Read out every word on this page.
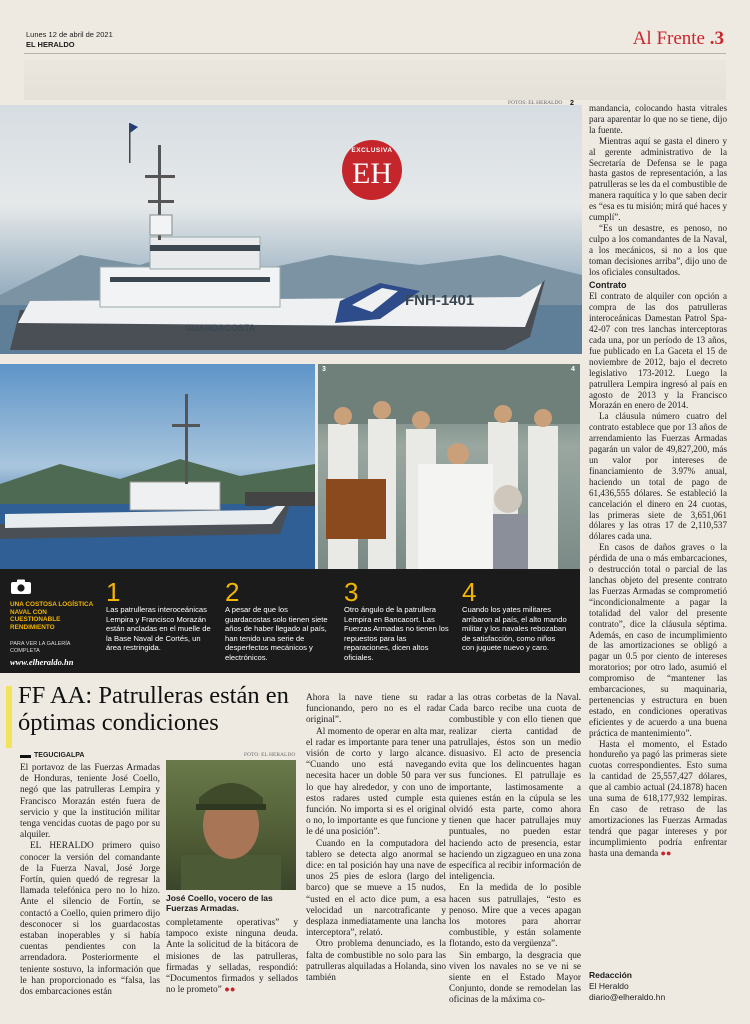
Lunes 12 de abril de 2021
EL HERALDO	Al Frente .3
FNH-1401
GUARDACOSTA
FOTOS: EL HERALDO 2
EXCLUSIVA
EH
3	4
UNA COSTOSA LOGÍSTICA NAVAL CON CUESTIONABLE RENDIMIENTO
PARA VER LA GALERÍA COMPLETA
www.elheraldo.hn
1
Las patrulleras interoceánicas Lempira y Francisco Morazán están ancladas en el muelle de la Base Naval de Cortés, un área restringida.
2
A pesar de que los guardacostas solo tienen siete años de haber llegado al país, han tenido una serie de desperfectos mecánicos y electrónicos.
3
Otro ángulo de la patrullera Lempira en Bancacort. Las Fuerzas Armadas no tienen los repuestos para las reparaciones, dicen altos oficiales.
4
Cuando los yates militares arribaron al país, el alto mando militar y los navales rebozaban de satisfacción, como niños con juguete nuevo y caro.
FF AA: Patrulleras están en óptimas condiciones
TEGUCIGALPA

El portavoz de las Fuerzas Armadas de Honduras, teniente José Coello, negó que las patrulleras Lempira y Francisco Morazán estén fuera de servicio y que la institución militar tenga vencidas cuotas de pago por su alquiler.

EL HERALDO primero quiso conocer la versión del comandante de la Fuerza Naval, José Jorge Fortín, quien quedó de regresar la llamada telefónica pero no lo hizo. Ante el silencio de Fortín, se contactó a Coello, quien primero dijo desconocer si los guardacostas estaban inoperables y si había cuentas pendientes con la arrendadora. Posteriormente el teniente sostuvo, la información que le han proporcionado es “falsa, las dos embarcaciones están

FOTO: EL HERALDO
José Coello, vocero de las Fuerzas Armadas.

completamente operativas” y tampoco existe ninguna deuda. Ante la solicitud de la bitácora de misiones de las patrulleras, firmadas y selladas, respondió: “Documentos firmados y sellados no le prometo” ●●

Ahora la nave tiene su radar funcionando, pero no es el radar original”.

Al momento de operar en alta mar, el radar es importante para tener una visión de corto y largo alcance. “Cuando uno está navegando necesita hacer un doble 50 para ver lo que hay alrededor, y con uno de estos radares usted cumple esta función. No importa si es el original o no, lo importante es que funcione y le dé una posición”.

Cuando en la computadora del tablero se detecta algo anormal se dice: en tal posición hay una nave de unos 25 pies de eslora (largo del barco) que se mueve a 15 nudos, “usted en el acto dice pum, a esa velocidad un narcotraficante y desplaza inmediatamente una lancha interceptora”, relató.

Otro problema denunciado, es la falta de combustible no solo para las patrulleras alquiladas a Holanda, sino también

a las otras corbetas de la Naval. Cada barco recibe una cuota de combustible y con ello tienen que realizar cierta cantidad de patrullajes, éstos son un medio disuasivo. El acto de presencia evita que los delincuentes hagan sus funciones. El patrullaje es importante, lastimosamente a quienes están en la cúpula se les olvidó esta parte, como ahora tienen que hacer patrullajes muy puntuales, no pueden estar haciendo acto de presencia, estar haciendo un zigzagueo en una zona específica al recibir información de inteligencia.

En la medida de lo posible hacen sus patrullajes, “esto es penoso. Mire que a veces apagan los motores para ahorrar combustible, y están solamente flotando, esto da vergüenza”.

Sin embargo, la desgracia que viven los navales no se ve ni se siente en el Estado Mayor Conjunto, donde se remodelan las oficinas de la máxima co-

mandancia, colocando hasta vitrales para aparentar lo que no se tiene, dijo la fuente.

Mientras aquí se gasta el dinero y al gerente administrativo de la Secretaría de Defensa se le paga hasta gastos de representación, a las patrulleras se les da el combustible de manera raquítica y lo que saben decir es “esa es tu misión; mirá qué haces y cumplí”.

“Es un desastre, es penoso, no culpo a los comandantes de la Naval, a los mecánicos, si no a los que toman decisiones arriba”, dijo uno de los oficiales consultados.

Contrato

El contrato de alquiler con opción a compra de las dos patrulleras interoceánicas Damestan Patrol Spa-42-07 con tres lanchas interceptoras cada una, por un período de 13 años, fue publicado en La Gaceta el 15 de noviembre de 2012, bajo el decreto legislativo 173-2012. Luego la patrullera Lempira ingresó al país en agosto de 2013 y la Francisco Morazán en enero de 2014.

La cláusula número cuatro del contrato establece que por 13 años de arrendamiento las Fuerzas Armadas pagarán un valor de 49,827,200, más un valor por intereses de financiamiento de 3.97% anual, haciendo un total de pago de 61,436,555 dólares. Se estableció la cancelación el dinero en 24 cuotas, las primeras siete de 3,651,061 dólares y las otras 17 de 2,110,537 dólares cada una.

En casos de daños graves o la pérdida de una o más embarcaciones, o destrucción total o parcial de las lanchas objeto del presente contrato las Fuerzas Armadas se comprometió “incondicionalmente a pagar la totalidad del valor del presente contrato”, dice la cláusula séptima. Además, en caso de incumplimiento de las amortizaciones se obligó a pagar un 0.5 por ciento de intereses moratorios; por otro lado, asumió el compromiso de “mantener las embarcaciones, su maquinaria, pertenencias y estructura en buen estado, en condiciones operativas eficientes y de acuerdo a una buena práctica de mantenimiento”.

Hasta el momento, el Estado hondureño ya pagó las primeras siete cuotas correspondientes. Esto suma la cantidad de 25,557,427 dólares, que al cambio actual (24.1878) hacen una suma de 618,177,932 lempiras. En caso de retraso de las amortizaciones las Fuerzas Armadas tendrá que pagar intereses y por incumplimiento podría enfrentar hasta una demanda ●●

Redacción
El Heraldo
diario@elheraldo.hn
